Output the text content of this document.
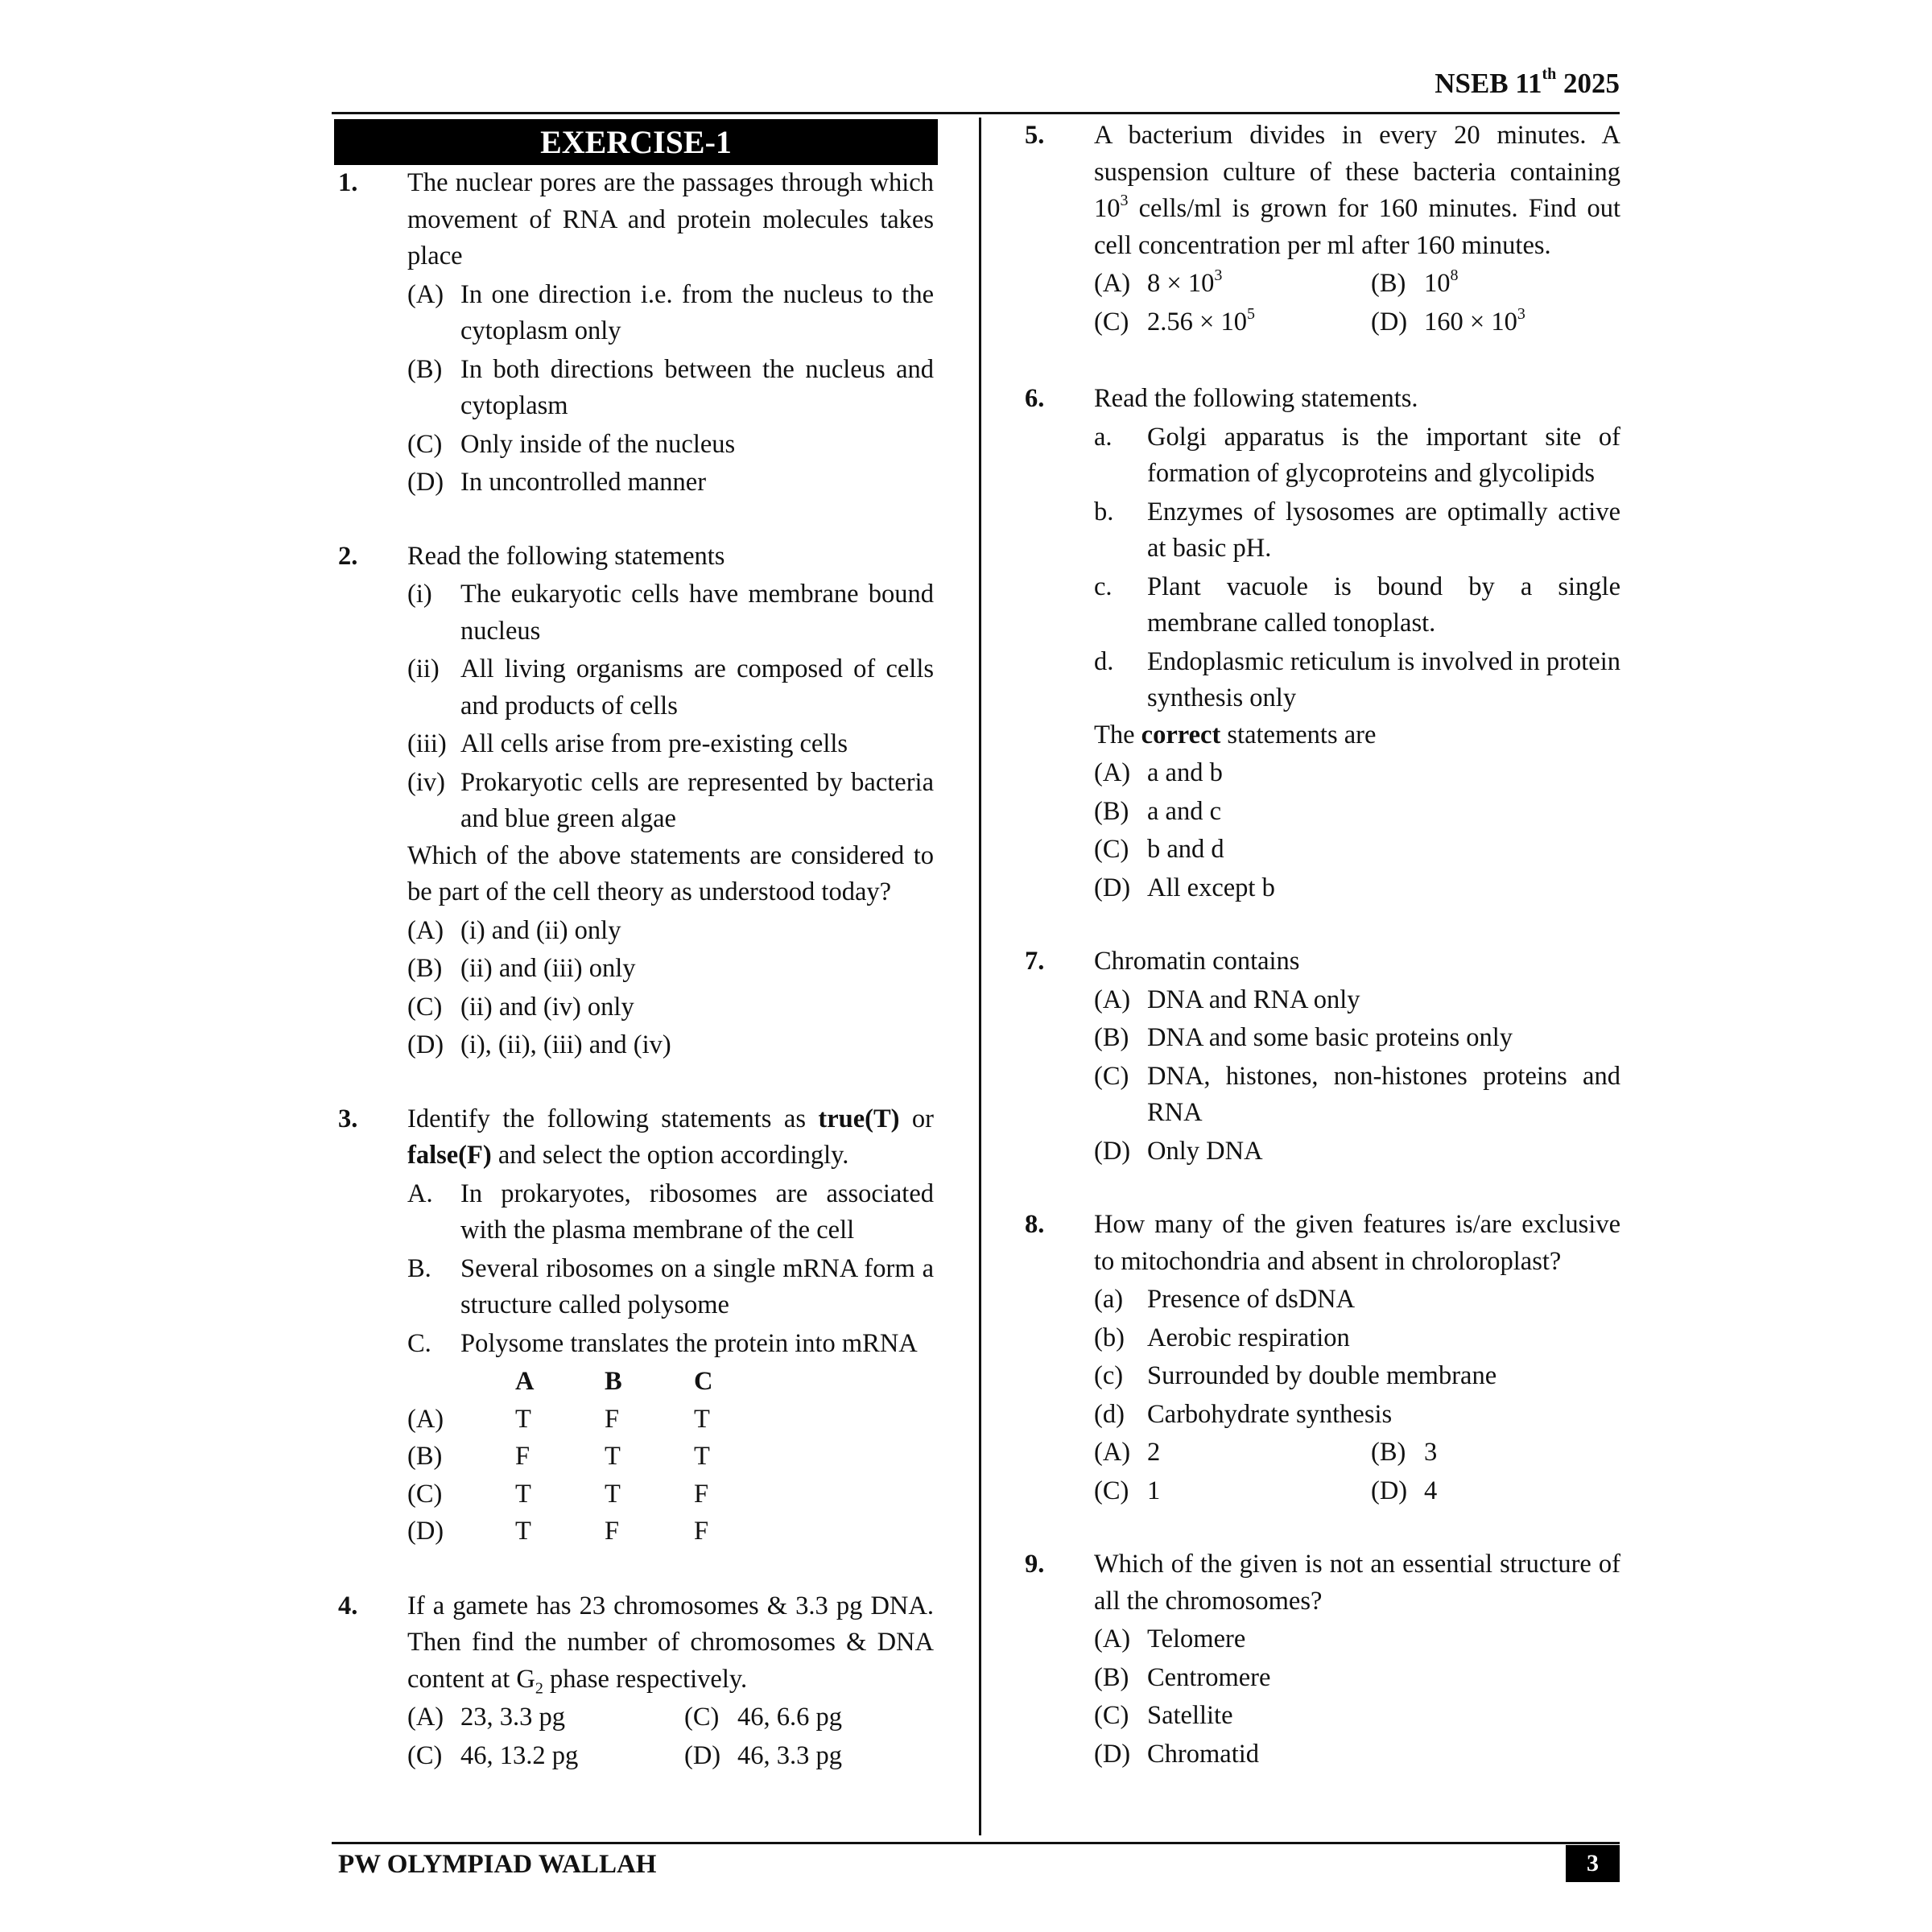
NSEB 11th 2025
EXERCISE-1
1. The nuclear pores are the passages through which movement of RNA and protein molecules takes place
(A) In one direction i.e. from the nucleus to the cytoplasm only
(B) In both directions between the nucleus and cytoplasm
(C) Only inside of the nucleus
(D) In uncontrolled manner
2. Read the following statements
(i)	The eukaryotic cells have membrane bound nucleus
(ii) All living organisms are composed of cells and products of cells
(iii) All cells arise from pre-existing cells
(iv) Prokaryotic cells are represented by bacteria and blue green algae
Which of the above statements are considered to be part of the cell theory as understood today?
(A) (i) and (ii) only
(B) (ii) and (iii) only
(C) (ii) and (iv) only
(D) (i), (ii), (iii) and (iv)
3. Identify the following statements as true(T) or false(F) and select the option accordingly.
A.	In prokaryotes, ribosomes are associated with the plasma membrane of the cell
B.	Several ribosomes on a single mRNA form a structure called polysome
C.	Polysome translates the protein into mRNA
A	B	C
(A)	T	F	T
(B)	F	T	T
(C)	T	T	F
(D)	T	F	F
4. If a gamete has 23 chromosomes & 3.3 pg DNA. Then find the number of chromosomes & DNA content at $G_2$ phase respectively.
(A) 23, 3.3 pg	(C) 46, 6.6 pg
(C) 46, 13.2 pg	(D) 46, 3.3 pg
5. A bacterium divides in every 20 minutes. A suspension culture of these bacteria containing $10^3$ cells/ml is grown for 160 minutes. Find out cell concentration per ml after 160 minutes.
(A) $8 \times 10^3$	(B) $10^8$
(C) $2.56 \times 10^5$	(D) $160 \times 10^3$
6. Read the following statements.
a.	Golgi apparatus is the important site of formation of glycoproteins and glycolipids
b.	Enzymes of lysosomes are optimally active at basic pH.
c.	Plant vacuole is bound by a single membrane called tonoplast.
d.	Endoplasmic reticulum is involved in protein synthesis only
The correct statements are
(A) a and b
(B) a and c
(C) b and d
(D) All except b
7. Chromatin contains
(A) DNA and RNA only
(B) DNA and some basic proteins only
(C) DNA, histones, non-histones proteins and RNA
(D) Only DNA
8. How many of the given features is/are exclusive to mitochondria and absent in chroloroplast?
(a) Presence of dsDNA
(b) Aerobic respiration
(c) Surrounded by double membrane
(d) Carbohydrate synthesis
(A) 2	(B) 3
(C) 1	(D) 4
9. Which of the given is not an essential structure of all the chromosomes?
(A) Telomere
(B) Centromere
(C) Satellite
(D) Chromatid
PW OLYMPIAD WALLAH	3
